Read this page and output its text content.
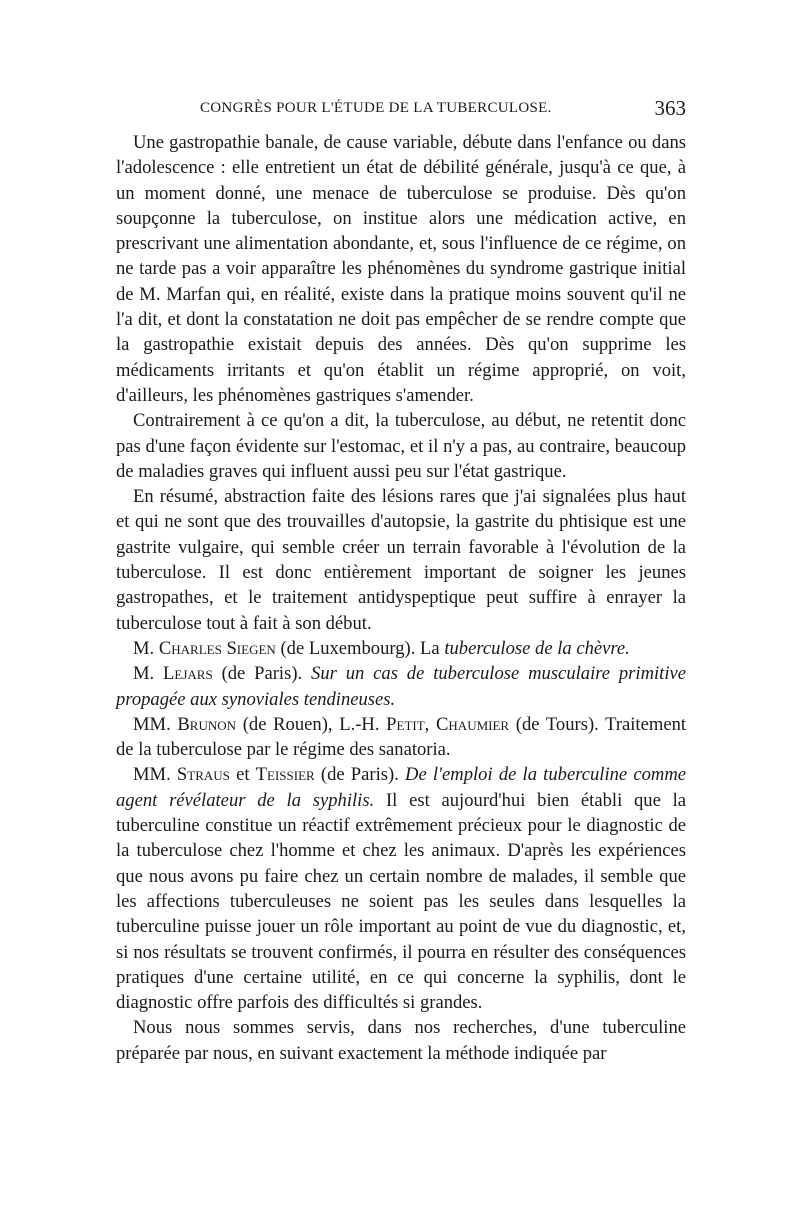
CONGRÈS POUR L'ÉTUDE DE LA TUBERCULOSE.	363

Une gastropathie banale, de cause variable, débute dans l'enfance ou dans l'adolescence : elle entretient un état de débilité générale, jusqu'à ce que, à un moment donné, une menace de tuberculose se produise. Dès qu'on soupçonne la tuberculose, on institue alors une médication active, en prescrivant une alimentation abondante, et, sous l'influence de ce régime, on ne tarde pas a voir apparaître les phénomènes du syndrome gastrique initial de M. Marfan qui, en réalité, existe dans la pratique moins souvent qu'il ne l'a dit, et dont la constatation ne doit pas empêcher de se rendre compte que la gastropathie existait depuis des années. Dès qu'on supprime les médicaments irritants et qu'on établit un régime approprié, on voit, d'ailleurs, les phénomènes gastriques s'amender.

Contrairement à ce qu'on a dit, la tuberculose, au début, ne retentit donc pas d'une façon évidente sur l'estomac, et il n'y a pas, au contraire, beaucoup de maladies graves qui influent aussi peu sur l'état gastrique.

En résumé, abstraction faite des lésions rares que j'ai signalées plus haut et qui ne sont que des trouvailles d'autopsie, la gastrite du phtisique est une gastrite vulgaire, qui semble créer un terrain favorable à l'évolution de la tuberculose. Il est donc entièrement important de soigner les jeunes gastropathes, et le traitement antidyspeptique peut suffire à enrayer la tuberculose tout à fait à son début.

M. Charles Siegen (de Luxembourg). La tuberculose de la chèvre.

M. Lejars (de Paris). Sur un cas de tuberculose musculaire primitive propagée aux synoviales tendineuses.

MM. Brunon (de Rouen), L.-H. Petit, Chaumier (de Tours). Traitement de la tuberculose par le régime des sanatoria.

MM. Straus et Teissier (de Paris). De l'emploi de la tuberculine comme agent révélateur de la syphilis. Il est aujourd'hui bien établi que la tuberculine constitue un réactif extrêmement précieux pour le diagnostic de la tuberculose chez l'homme et chez les animaux. D'après les expériences que nous avons pu faire chez un certain nombre de malades, il semble que les affections tuberculeuses ne soient pas les seules dans lesquelles la tuberculine puisse jouer un rôle important au point de vue du diagnostic, et, si nos résultats se trouvent confirmés, il pourra en résulter des conséquences pratiques d'une certaine utilité, en ce qui concerne la syphilis, dont le diagnostic offre parfois des difficultés si grandes.

Nous nous sommes servis, dans nos recherches, d'une tuberculine préparée par nous, en suivant exactement la méthode indiquée par
